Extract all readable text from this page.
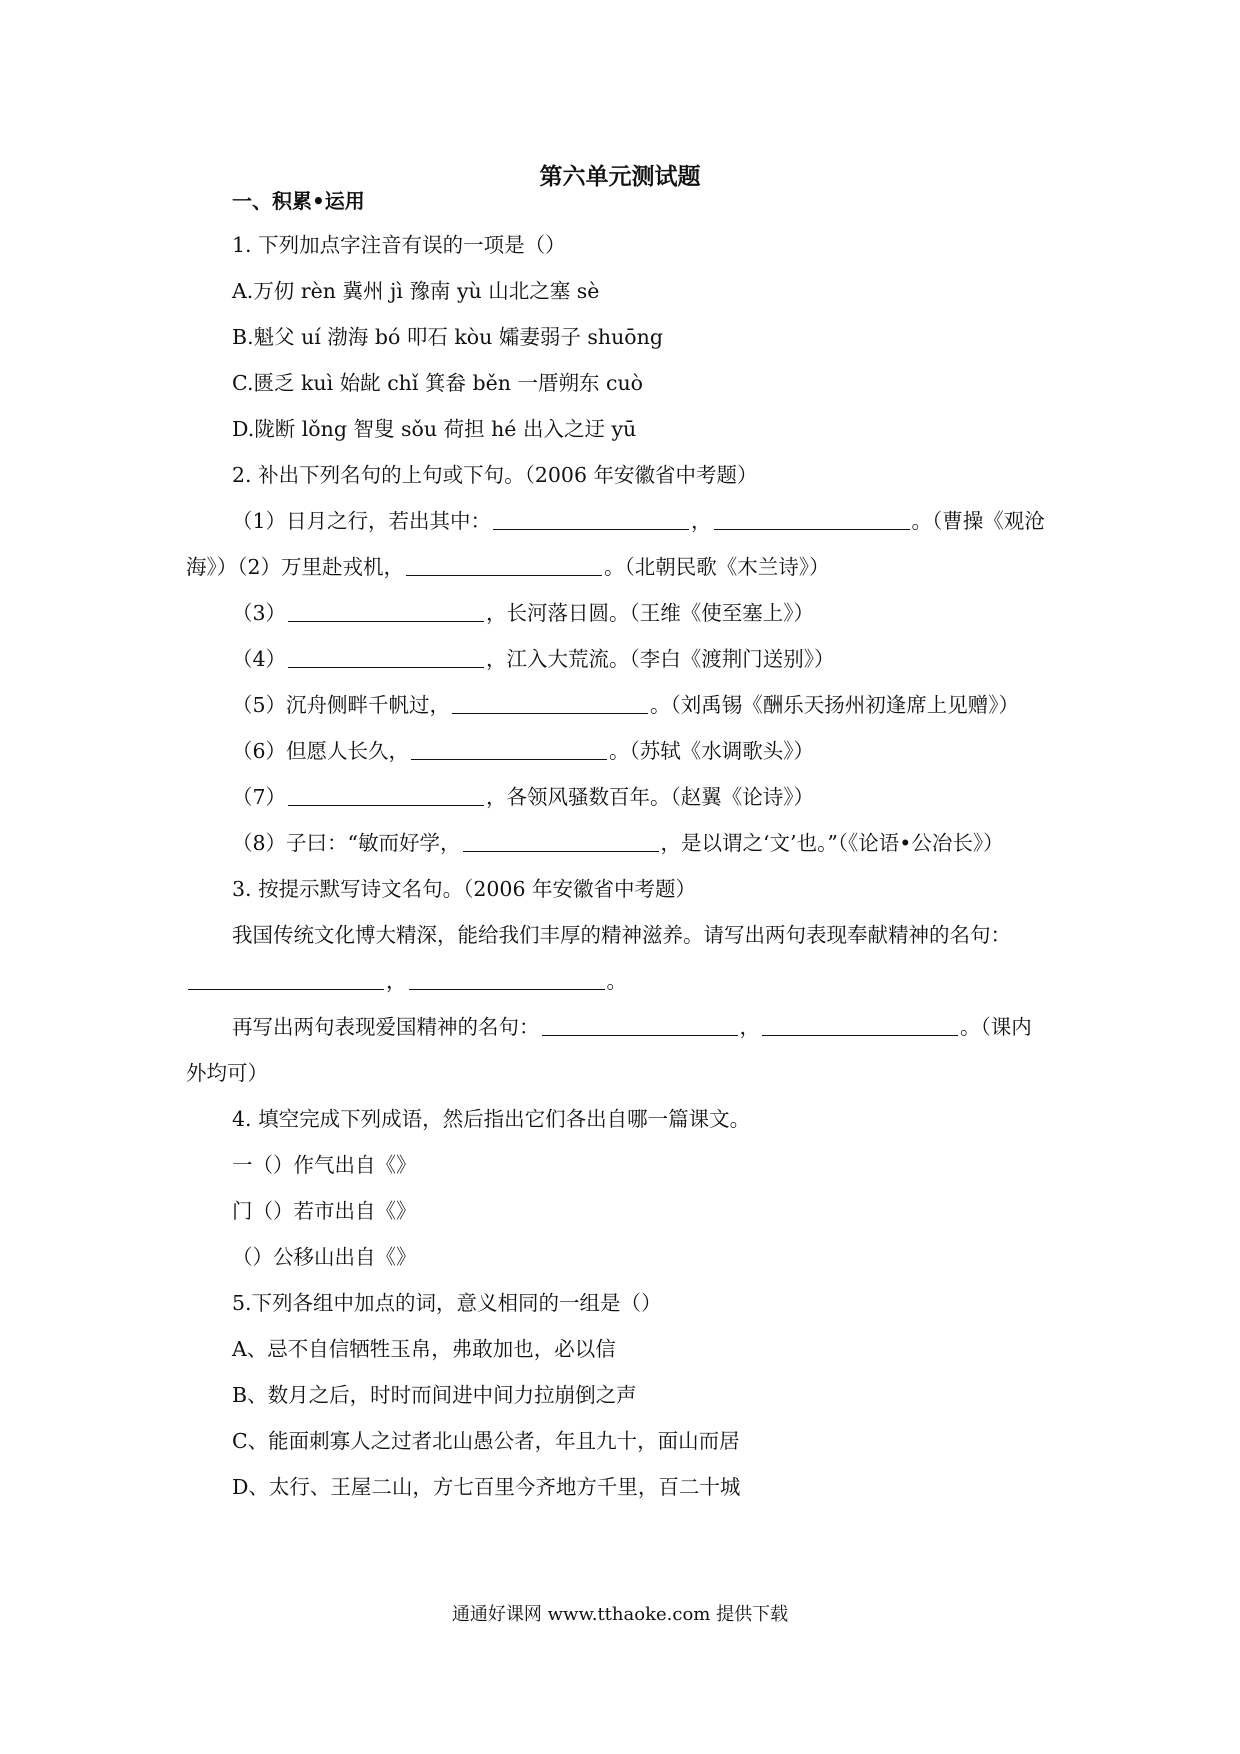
第六单元测试题
一、积累•运用
1. 下列加点字注音有误的一项是（）
A.万仞 rèn 冀州 jì 豫南 yù 山北之塞 sè
B.魁父 uí 渤海 bó 叩石 kòu 孀妻弱子 shuōng
C.匮乏 kuì 始龀 chǐ 箕畚 běn 一厝朔东 cuò
D.陇断 lǒng 智叟 sǒu 荷担 hé 出入之迂 yū
2. 补出下列名句的上句或下句。（2006 年安徽省中考题）
（1）日月之行，若出其中：	，	。（曹操《观沧
海》）（2）万里赴戎机，	。（北朝民歌《木兰诗》）
（3）	，长河落日圆。（王维《使至塞上》）
（4）	，江入大荒流。（李白《渡荆门送别》）
（5）沉舟侧畔千帆过，	。（刘禹锡《酬乐天扬州初逢席上见赠》）
（6）但愿人长久，	。（苏轼《水调歌头》）
（7）	，各领风骚数百年。（赵翼《论诗》）
（8）子曰：“敏而好学，	，是以谓之‘文’也。”（《论语•公冶长》）
3. 按提示默写诗文名句。（2006 年安徽省中考题）
我国传统文化博大精深，能给我们丰厚的精神滋养。请写出两句表现奉献精神的名句：
，	。
再写出两句表现爱国精神的名句：	，	。（课内
外均可）
4. 填空完成下列成语，然后指出它们各出自哪一篇课文。
一（）作气出自《》
门（）若市出自《》
（）公移山出自《》
5.下列各组中加点的词，意义相同的一组是（）
A、忌不自信牺牲玉帛，弗敢加也，必以信
B、数月之后，时时而间进中间力拉崩倒之声
C、能面刺寡人之过者北山愚公者，年且九十，面山而居
D、太行、王屋二山，方七百里今齐地方千里，百二十城
通通好课网 www.tthaoke.com 提供下载
